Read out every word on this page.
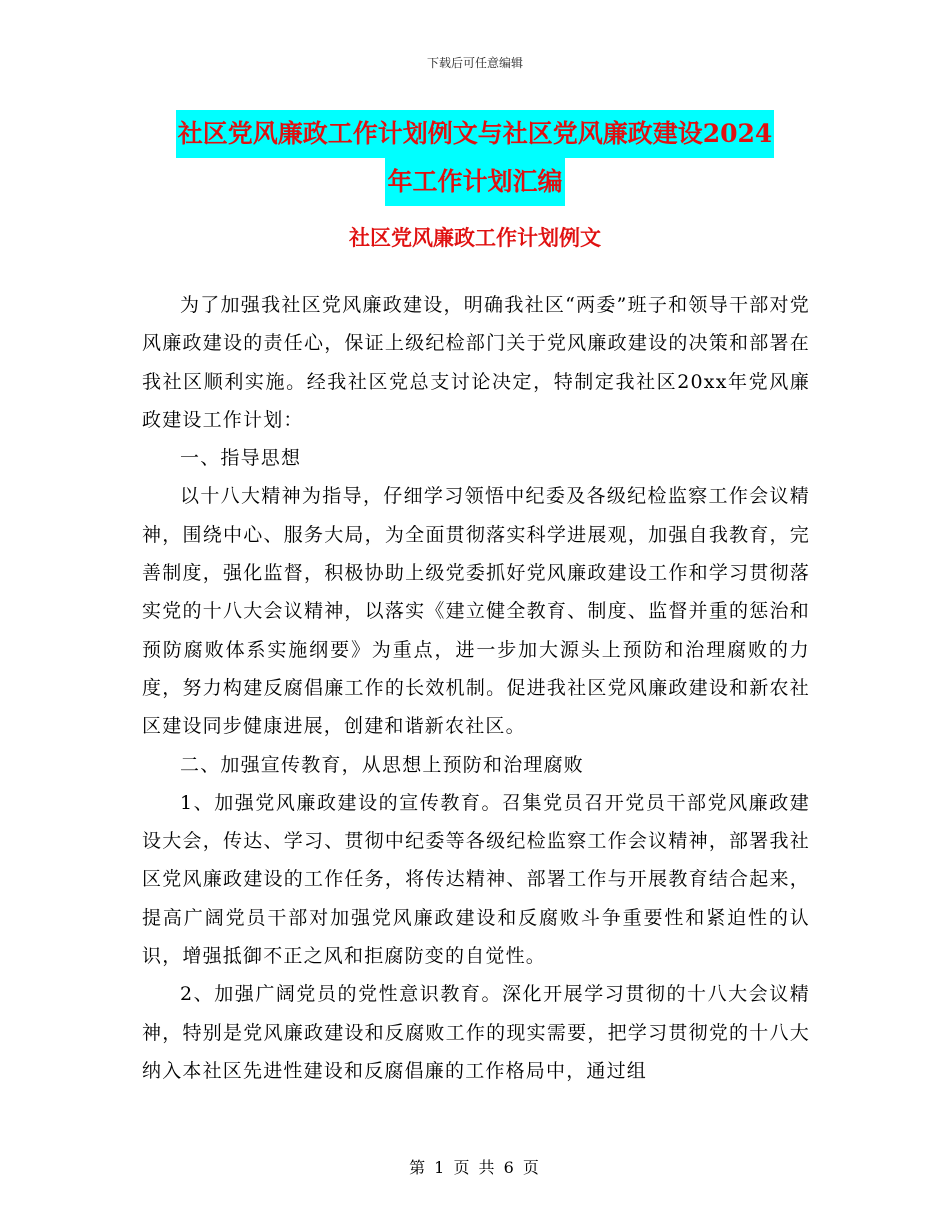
下载后可任意编辑
社区党风廉政工作计划例文与社区党风廉政建设2024
年工作计划汇编
社区党风廉政工作计划例文

为了加强我社区党风廉政建设，明确我社区“两委”班子和领导干部对党风廉政建设的责任心，保证上级纪检部门关于党风廉政建设的决策和部署在我社区顺利实施。经我社区党总支讨论决定，特制定我社区20xx年党风廉政建设工作计划：

一、指导思想

以十八大精神为指导，仔细学习领悟中纪委及各级纪检监察工作会议精神，围绕中心、服务大局，为全面贯彻落实科学进展观，加强自我教育，完善制度，强化监督，积极协助上级党委抓好党风廉政建设工作和学习贯彻落实党的十八大会议精神，以落实《建立健全教育、制度、监督并重的惩治和预防腐败体系实施纲要》为重点，进一步加大源头上预防和治理腐败的力度，努力构建反腐倡廉工作的长效机制。促进我社区党风廉政建设和新农社区建设同步健康进展，创建和谐新农社区。

二、加强宣传教育，从思想上预防和治理腐败

1、加强党风廉政建设的宣传教育。召集党员召开党员干部党风廉政建设大会，传达、学习、贯彻中纪委等各级纪检监察工作会议精神，部署我社区党风廉政建设的工作任务，将传达精神、部署工作与开展教育结合起来，提高广阔党员干部对加强党风廉政建设和反腐败斗争重要性和紧迫性的认识，增强抵御不正之风和拒腐防变的自觉性。

2、加强广阔党员的党性意识教育。深化开展学习贯彻的十八大会议精神，特别是党风廉政建设和反腐败工作的现实需要，把学习贯彻党的十八大纳入本社区先进性建设和反腐倡廉的工作格局中，通过组

第 1 页 共 6 页
